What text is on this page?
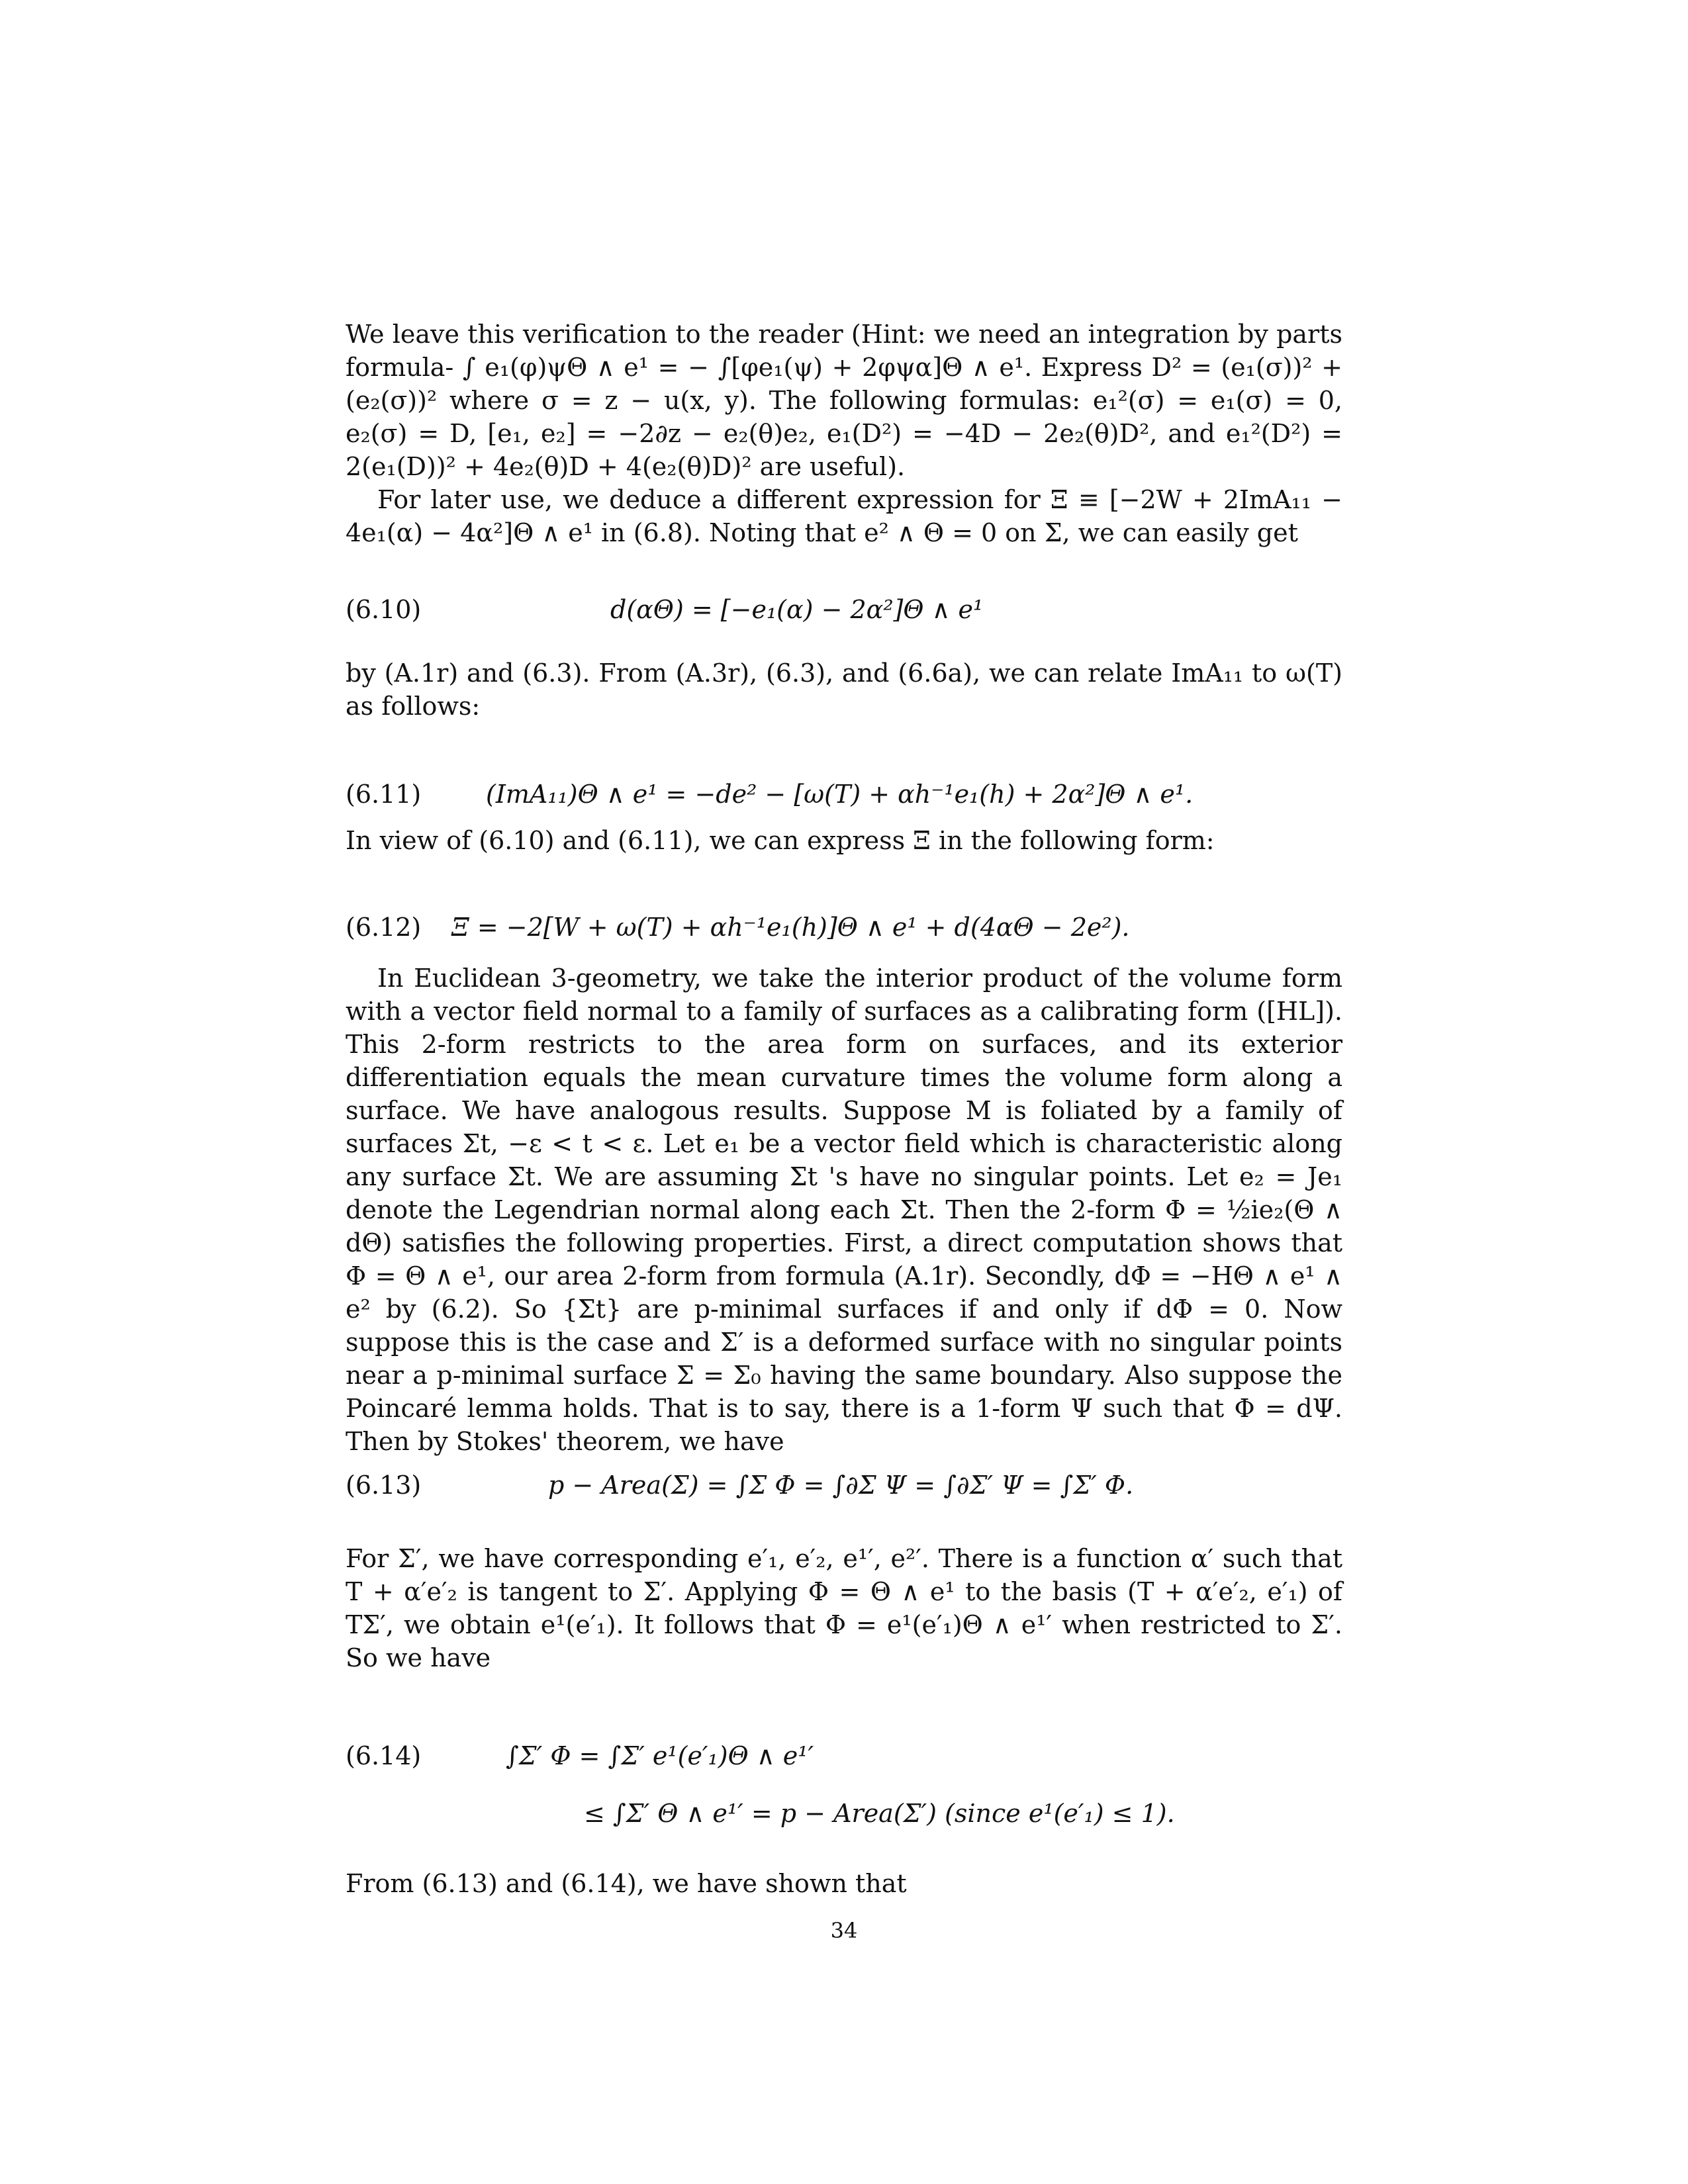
We leave this verification to the reader (Hint: we need an integration by parts formula- ∫ e₁(φ)ψΘ ∧ e¹ = − ∫[φe₁(ψ) + 2φψα]Θ ∧ e¹. Express D² = (e₁(σ))² + (e₂(σ))² where σ = z − u(x, y). The following formulas: e₁²(σ) = e₁(σ) = 0, e₂(σ) = D, [e₁, e₂] = −2∂z − e₂(θ)e₂, e₁(D²) = −4D − 2e₂(θ)D², and e₁²(D²) = 2(e₁(D))² + 4e₂(θ)D + 4(e₂(θ)D)² are useful).

For later use, we deduce a different expression for Ξ ≡ [−2W + 2ImA₁₁ − 4e₁(α) − 4α²]Θ ∧ e¹ in (6.8). Noting that e² ∧ Θ = 0 on Σ, we can easily get

(6.10)	d(αΘ) = [−e₁(α) − 2α²]Θ ∧ e¹

by (A.1r) and (6.3). From (A.3r), (6.3), and (6.6a), we can relate ImA₁₁ to ω(T) as follows:

(6.11)	(ImA₁₁)Θ ∧ e¹ = −de² − [ω(T) + αh⁻¹e₁(h) + 2α²]Θ ∧ e¹.

In view of (6.10) and (6.11), we can express Ξ in the following form:

(6.12) Ξ = −2[W + ω(T) + αh⁻¹e₁(h)]Θ ∧ e¹ + d(4αΘ − 2e²).

In Euclidean 3-geometry, we take the interior product of the volume form with a vector field normal to a family of surfaces as a calibrating form ([HL]). This 2-form restricts to the area form on surfaces, and its exterior differentiation equals the mean curvature times the volume form along a surface. We have analogous results. Suppose M is foliated by a family of surfaces Σt, −ε < t < ε. Let e₁ be a vector field which is characteristic along any surface Σt. We are assuming Σt 's have no singular points. Let e₂ = Je₁ denote the Legendrian normal along each Σt. Then the 2-form Φ = ½ie₂(Θ ∧ dΘ) satisfies the following properties. First, a direct computation shows that Φ = Θ ∧ e¹, our area 2-form from formula (A.1r). Secondly, dΦ = −HΘ ∧ e¹ ∧ e² by (6.2). So {Σt} are p-minimal surfaces if and only if dΦ = 0. Now suppose this is the case and Σ′ is a deformed surface with no singular points near a p-minimal surface Σ = Σ₀ having the same boundary. Also suppose the Poincaré lemma holds. That is to say, there is a 1-form Ψ such that Φ = dΨ. Then by Stokes' theorem, we have

(6.13)	p − Area(Σ) = ∫Σ Φ = ∫∂Σ Ψ = ∫∂Σ′ Ψ = ∫Σ′ Φ.

For Σ′, we have corresponding e′₁, e′₂, e¹′, e²′. There is a function α′ such that T + α′e′₂ is tangent to Σ′. Applying Φ = Θ ∧ e¹ to the basis (T + α′e′₂, e′₁) of TΣ′, we obtain e¹(e′₁). It follows that Φ = e¹(e′₁)Θ ∧ e¹′ when restricted to Σ′. So we have

(6.14)	∫Σ′ Φ = ∫Σ′ e¹(e′₁)Θ ∧ e¹′
≤ ∫Σ′ Θ ∧ e¹′ = p − Area(Σ′) (since e¹(e′₁) ≤ 1).

From (6.13) and (6.14), we have shown that

34
